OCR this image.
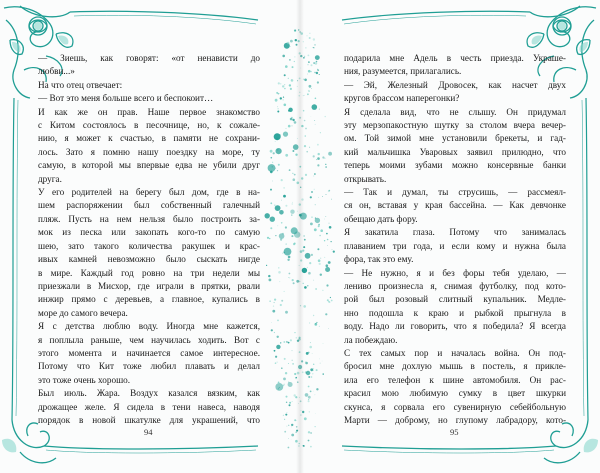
— Зиешь, как говорят: «от ненависти до

любви...»

На что отец отвечает:

— Вот это меня больше всего и беспокоит…

И как же он прав. Наше первое знакомство

с Китом состоялось в песочнице, но, к сожале-

нию, я может к счастью, в памяти не сохрани-

лось. Зато я помню нашу поездку на море, ту

самую, в которой мы впервые едва не убили друг

друга.

У его родителей на берегу был дом, где в на-

шем распоряжении был собственный галечный

пляж. Пусть на нем нельзя было построить за-

мок из песка или закопать кого-то по самую

шею, зато такого количества ракушек и крас-

ивых камней невозможно было сыскать нигде

в мире. Каждый год ровно на три недели мы

приезжали в Мисхор, где играли в прятки, рвали

инжир прямо с деревьев, а главное, купались в

море до самого вечера.

Я с детства люблю воду. Иногда мне кажется,

я поплыла раньше, чем научилась ходить. Вот с

этого момента и начинается самое интересное.

Потому что Кит тоже любил плавать и делал

это тоже очень хорошо.

Был июль. Жара. Воздух казался вязким, как

дрожащее желе. Я сидела в тени навеса, наводя

порядок в новой шкатулке для украшений, что

94

подарила мне Адель в честь приезда. Украше-

ния, разумеется, прилагались.

— Эй, Железный Дровосек, как насчет двух

кругов брассом наперегонки?

Я сделала вид, что не слышу. Он придумал

эту мерзопакостную шутку за столом вчера вечер-

ом. Той зимой мне установили брекеты, и гад-

кий мальчишка Уваровых заявил прилюдно, что

теперь моими зубами можно консервные банки

открывать.

— Так и думал, ты струсишь, — рассмеял-

ся он, вставая у края бассейна. — Как девчонке

обещаю дать фору.

Я закатила глаза. Потому что занималась

плаванием три года, и если кому и нужна была

фора, так это ему.

— Не нужно, я и без форы тебя уделаю, —

лениво произнесла я, снимая футболку, под кото-

рой был розовый слитный купальник. Медле-

нно подошла к краю и рыбкой прыгнула в

воду. Надо ли говорить, что я победила? Я всегда

ла побеждаю.

С тех самых пор и началась война. Он под-

бросил мне дохлую мышь в постель, я прикле-

ила его телефон к шине автомобиля. Он рас-

красил мою любимую сумку в цвет шкурки

скунса, я сорвала его сувенирную себейбольную

Марти — доброму, но глупому лабрадору, кото-

95
